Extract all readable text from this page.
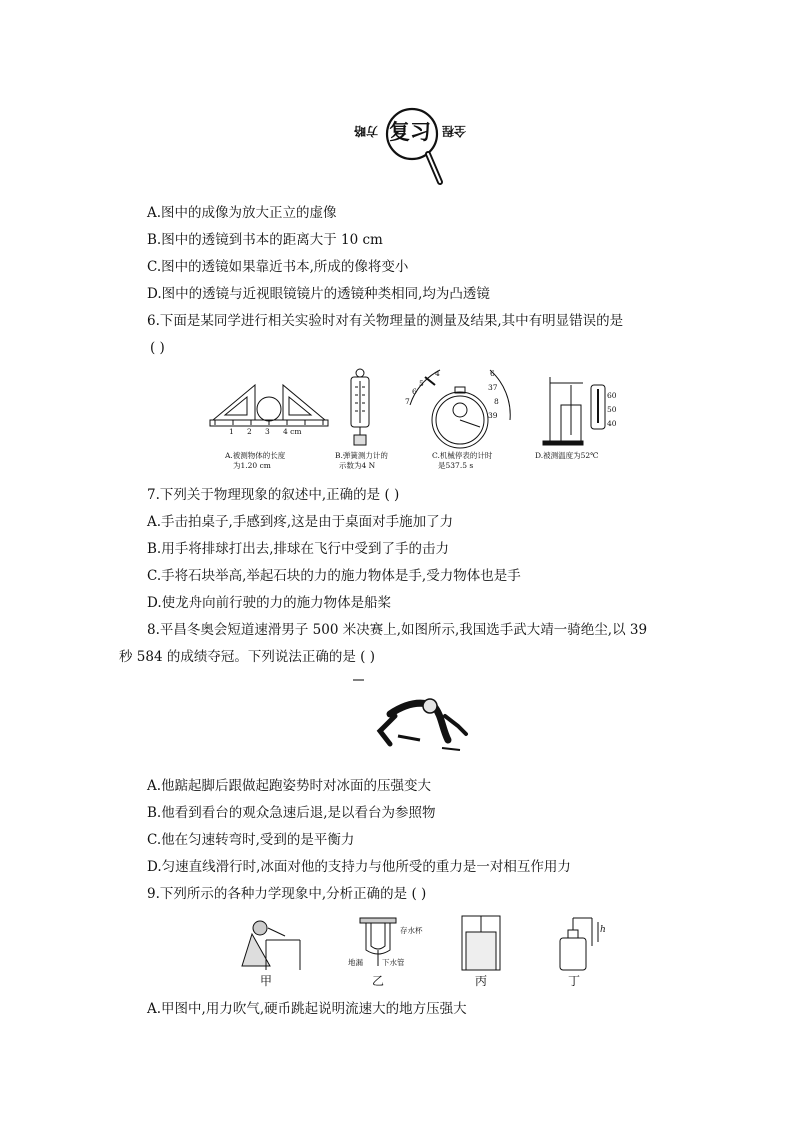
方略 复习 全程
A.图中的成像为放大正立的虚像
B.图中的透镜到书本的距离大于 10 cm
C.图中的透镜如果靠近书本,所成的像将变小
D.图中的透镜与近视眼镜镜片的透镜种类相同,均为凸透镜
6.下面是某同学进行相关实验时对有关物理量的测量及结果,其中有明显错误的是
( )
1 2 3 4 cm
4
5
6
7
6
37
8
39
60
50
40
A.被测物体的长度
为1.20 cm
B.弹簧测力计的
示数为4 N
C.机械停表的计时
是537.5 s
D.被测温度为52℃
7.下列关于物理现象的叙述中,正确的是 ( )
A.手击拍桌子,手感到疼,这是由于桌面对手施加了力
B.用手将排球打出去,排球在飞行中受到了手的击力
C.手将石块举高,举起石块的力的施力物体是手,受力物体也是手
D.使龙舟向前行驶的力的施力物体是船桨
8.平昌冬奥会短道速滑男子 500 米决赛上,如图所示,我国选手武大靖一骑绝尘,以 39
秒 584 的成绩夺冠。下列说法正确的是 ( )
A.他踮起脚后跟做起跑姿势时对冰面的压强变大
B.他看到看台的观众急速后退,是以看台为参照物
C.他在匀速转弯时,受到的是平衡力
D.匀速直线滑行时,冰面对他的支持力与他所受的重力是一对相互作用力
9.下列所示的各种力学现象中,分析正确的是 ( )
存水杯
地漏	下水管
h
甲	乙	丙	丁
A.甲图中,用力吹气,硬币跳起说明流速大的地方压强大
